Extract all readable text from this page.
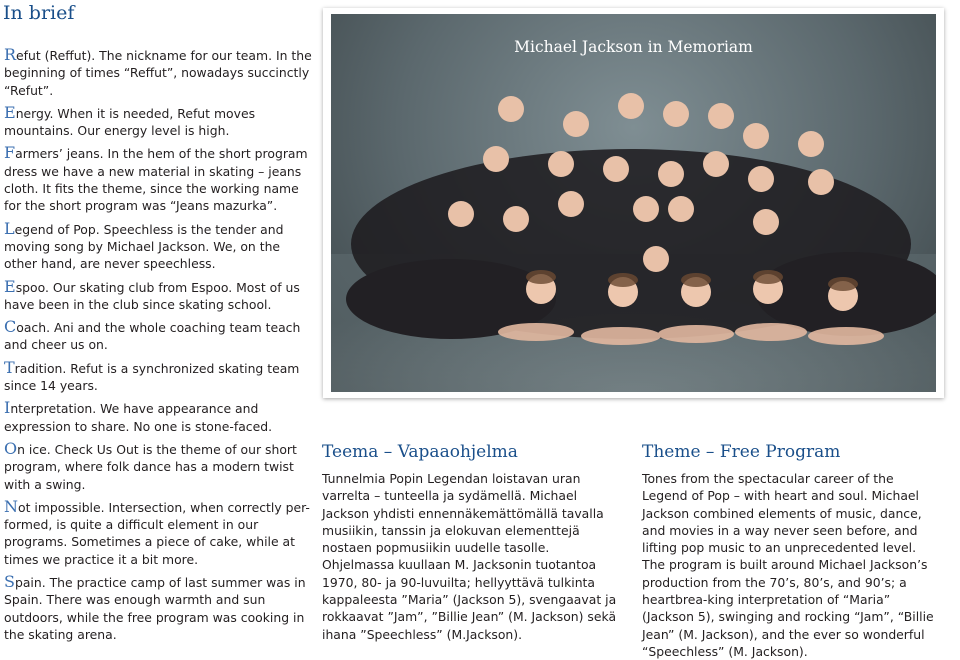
In brief

Refut (Reffut). The nickname for our team. In the beginning of times “Reffut”, nowadays succinctly “Refut”.

Energy. When it is needed, Refut moves mountains. Our energy level is high.

Farmers’ jeans. In the hem of the short program dress we have a new material in skating – jeans cloth. It fits the theme, since the working name for the short program was “Jeans mazurka”.

Legend of Pop. Speechless is the tender and moving song by Michael Jackson. We, on the other hand, are never speechless.

Espoo. Our skating club from Espoo. Most of us have been in the club since skating school.

Coach. Ani and the whole coaching team teach and cheer us on.

Tradition. Refut is a synchronized skating team since 14 years.

Interpretation. We have appearance and expression to share. No one is stone-faced.

On ice. Check Us Out is the theme of our short program, where folk dance has a modern twist with a swing.

Not impossible. Intersection, when correctly per-formed, is quite a difficult element in our programs. Sometimes a piece of cake, while at times we practice it a bit more.

Spain. The practice camp of last summer was in Spain. There was enough warmth and sun outdoors, while the free program was cooking in the skating arena.

Michael Jackson in Memoriam
Teema – Vapaaohjelma

Tunnelmia Popin Legendan loistavan uran varrelta – tunteella ja sydämellä. Michael Jackson yhdisti ennennäkemättömällä tavalla musiikin, tanssin ja elokuvan elementtejä nostaen popmusiikin uudelle tasolle.

Ohjelmassa kuullaan M. Jacksonin tuotantoa 1970, 80- ja 90-luvuilta; hellyyttävä tulkinta kappaleesta ”Maria” (Jackson 5), svengaavat ja rokkaavat ”Jam”, ”Billie Jean” (M. Jackson) sekä ihana ”Speechless” (M.Jackson).

Theme – Free Program

Tones from the spectacular career of the Legend of Pop – with heart and soul. Michael Jackson combined elements of music, dance, and movies in a way never seen before, and lifting pop music to an unprecedented level.

The program is built around Michael Jackson’s production from the 70’s, 80’s, and 90’s; a heartbrea-king interpretation of “Maria” (Jackson 5), swinging and rocking “Jam”, “Billie Jean” (M. Jackson), and the ever so wonderful “Speechless” (M. Jackson).
